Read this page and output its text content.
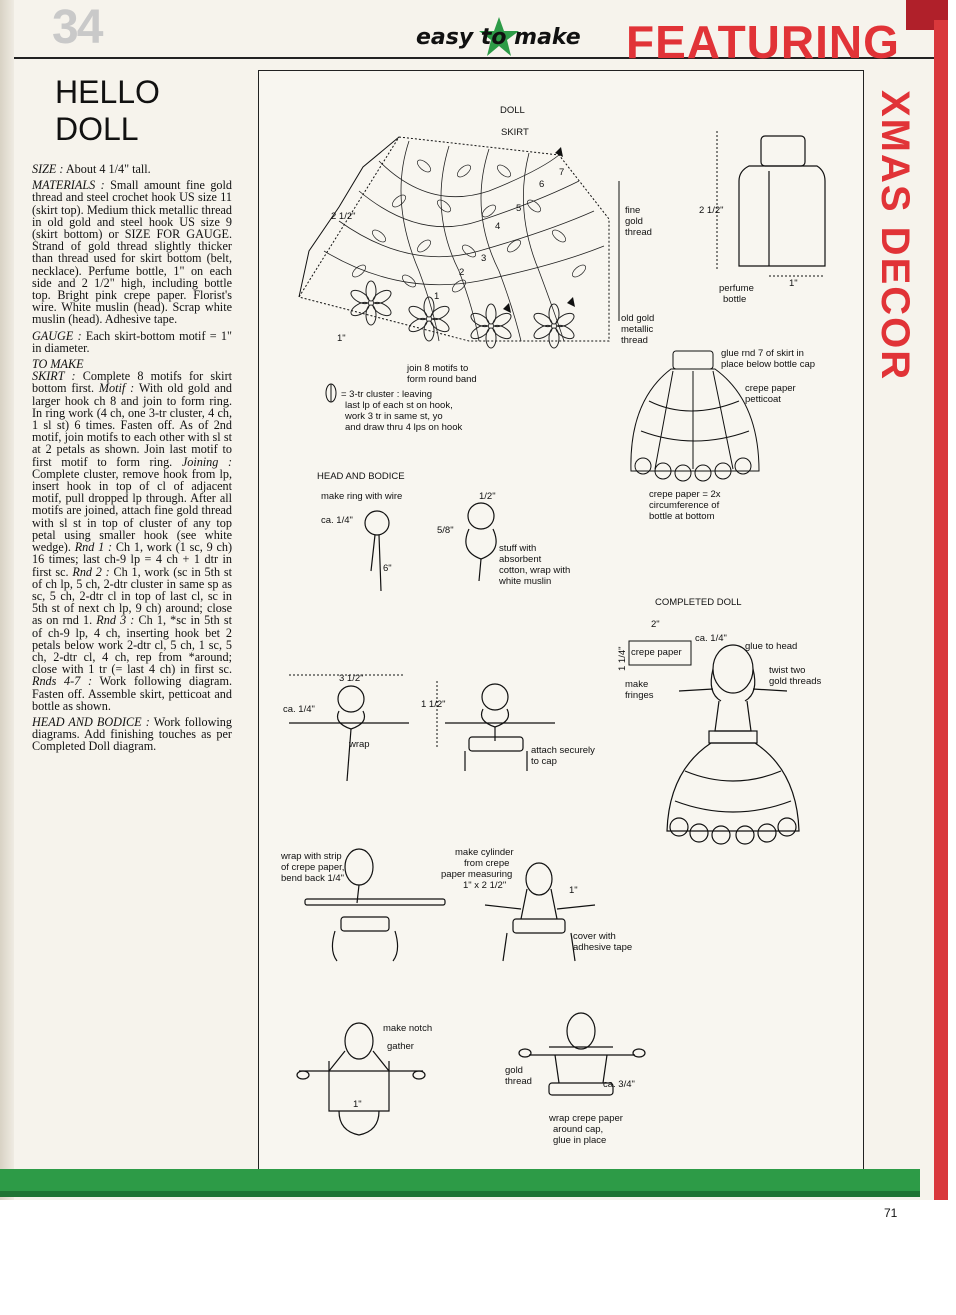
34	easy to make FEATURING
XMAS DECOR
HELLO
DOLL

SIZE : About 4 1/4" tall.

MATERIALS : Small amount fine gold thread and steel crochet hook US size 11 (skirt top). Medium thick metallic thread in old gold and steel hook US size 9 (skirt bottom) or SIZE FOR GAUGE. Strand of gold thread slightly thicker than thread used for skirt bottom (belt, necklace). Perfume bottle, 1" on each side and 2 1/2" high, including bottle top. Bright pink crepe paper. Florist's wire. White muslin (head). Scrap white muslin (head). Adhesive tape.

GAUGE : Each skirt-bottom motif = 1" in diameter.

TO MAKE

SKIRT : Complete 8 motifs for skirt bottom first. Motif : With old gold and larger hook ch 8 and join to form ring. In ring work (4 ch, one 3-tr cluster, 4 ch, 1 sl st) 6 times. Fasten off. As of 2nd motif, join motifs to each other with sl st at 2 petals as shown. Join last motif to first motif to form ring. Joining : Complete cluster, remove hook from lp, insert hook in top of cl of adjacent motif, pull dropped lp through. After all motifs are joined, attach fine gold thread with sl st in top of cluster of any top petal using smaller hook (see white wedge). Rnd 1 : Ch 1, work (1 sc, 9 ch) 16 times; last ch-9 lp = 4 ch + 1 dtr in first sc. Rnd 2 : Ch 1, work (sc in 5th st of ch lp, 5 ch, 2-dtr cluster in same sp as sc, 5 ch, 2-dtr cl in top of last cl, sc in 5th st of next ch lp, 9 ch) around; close as on rnd 1. Rnd 3 : Ch 1, *sc in 5th st of ch-9 lp, 4 ch, inserting hook bet 2 petals below work 2-dtr cl, 5 ch, 1 sc, 5 ch, 2-dtr cl, 4 ch, rep from *around; close with 1 tr (= last 4 ch) in first sc. Rnds 4-7 : Work following diagram. Fasten off. Assemble skirt, petticoat and bottle as shown.

HEAD AND BODICE : Work following diagrams. Add finishing touches as per Completed Doll diagram.

DOLL
SKIRT
1
2
3
4
5
6
7
2 1/2"
1"
fine
gold
thread
old gold
metallic
thread
join 8 motifs to
form round band
= 3-tr cluster : leaving
last lp of each st on hook,
work 3 tr in same st, yo
and draw thru 4 lps on hook
2 1/2"
1"
perfume
bottle
glue rnd 7 of skirt in
place below bottle cap
crepe paper
petticoat
crepe paper = 2x
circumference of
bottle at bottom
HEAD AND BODICE
make ring with wire
ca. 1/4"
6"
1/2"
5/8"
stuff with
absorbent
cotton, wrap with
white muslin
COMPLETED DOLL
2"
crepe paper
1 1/4"
ca. 1/4"
make
fringes
glue to head
twist two
gold threads
3 1/2"
ca. 1/4"
wrap
1 1/2"
attach securely
to cap
wrap with strip
of crepe paper,
bend back 1/4"
make cylinder
from crepe
paper measuring
1" x 2 1/2"	1"
cover with
adhesive tape
make notch
gather
1"
gold
thread	ca. 3/4"
wrap crepe paper
around cap,
glue in place
71
